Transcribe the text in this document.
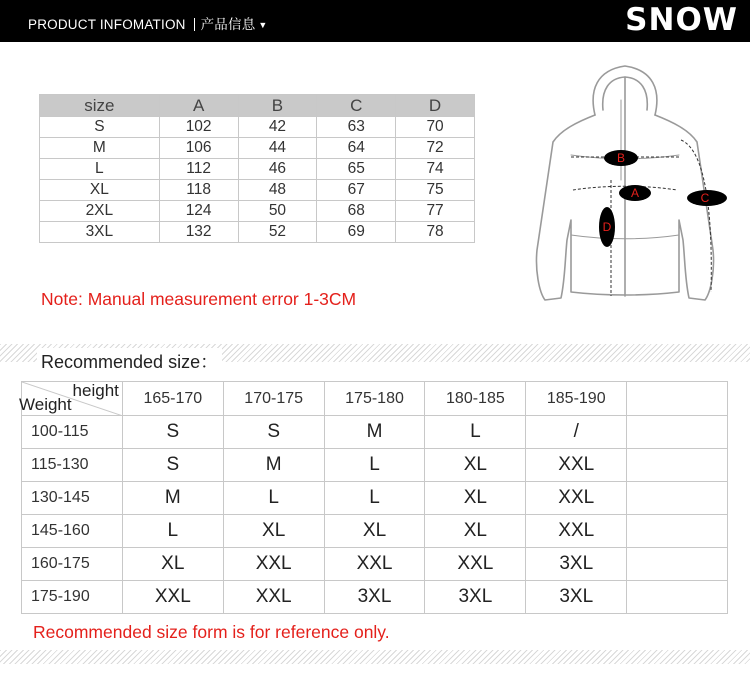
PRODUCT INFOMATION 产品信息 ▼	SNOW
size	A	B	C	D
S	102	42	63	70
M	106	44	64	72
L	112	46	65	74
XL	118	48	67	75
2XL	124	50	68	77
3XL	132	52	69	78
Note: Manual measurement error 1-3CM
B
A	C
D
Recommended size：
height
Weight	165-170	170-175	175-180	180-185	185-190	
100-115	S	S	M	L	/	
115-130	S	M	L	XL	XXL	
130-145	M	L	L	XL	XXL	
145-160	L	XL	XL	XL	XXL	
160-175	XL	XXL	XXL	XXL	3XL	
175-190	XXL	XXL	3XL	3XL	3XL	
Recommended size form is for reference only.
